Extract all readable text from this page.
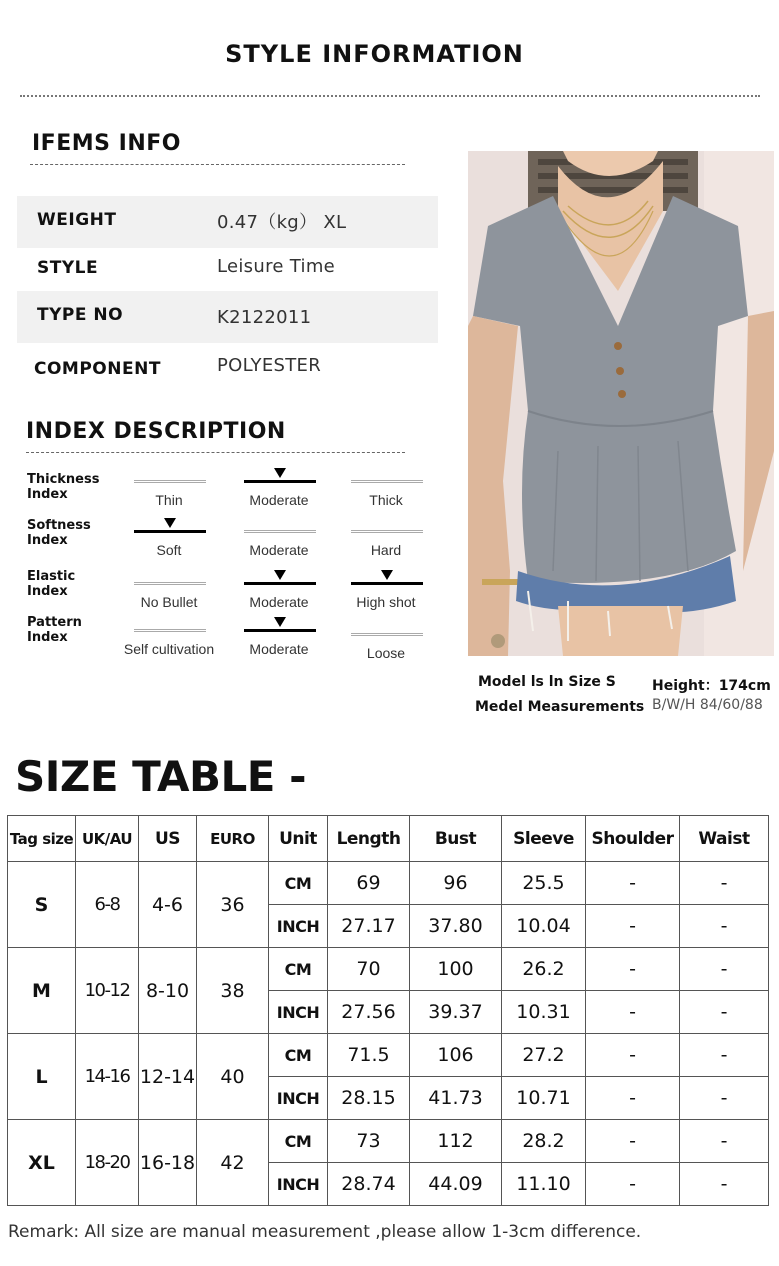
STYLE INFORMATION
IFEMS INFO
WEIGHT	0.47（kg） XL
STYLE	Leisure Time
TYPE NO	K2122011
COMPONENT	POLYESTER
INDEX DESCRIPTION
Thickness Index	Thin	Moderate	Thick
Softness Index
Soft	Moderate	Hard
Elastic Index
No Bullet	Moderate	High shot
Pattern Index
Self cultivation	Moderate	Loose
Model ls ln Size S
Medel Measurements
Height：174cm
B/W/H 84/60/88
SIZE TABLE -
Tag size	UK/AU	US	EURO	Unit	Length	Bust	Sleeve	Shoulder	Waist
S	6-8	4-6	36	CM	69	96	25.5	-	-
				INCH	27.17	37.80	10.04	-	-
M	10-12	8-10	38	CM	70	100	26.2	-	-
				INCH	27.56	39.37	10.31	-	-
L	14-16	12-14	40	CM	71.5	106	27.2	-	-
				INCH	28.15	41.73	10.71	-	-
XL	18-20	16-18	42	CM	73	112	28.2	-	-
				INCH	28.74	44.09	11.10	-	-
Remark: All size are manual measurement ,please allow 1-3cm difference.
